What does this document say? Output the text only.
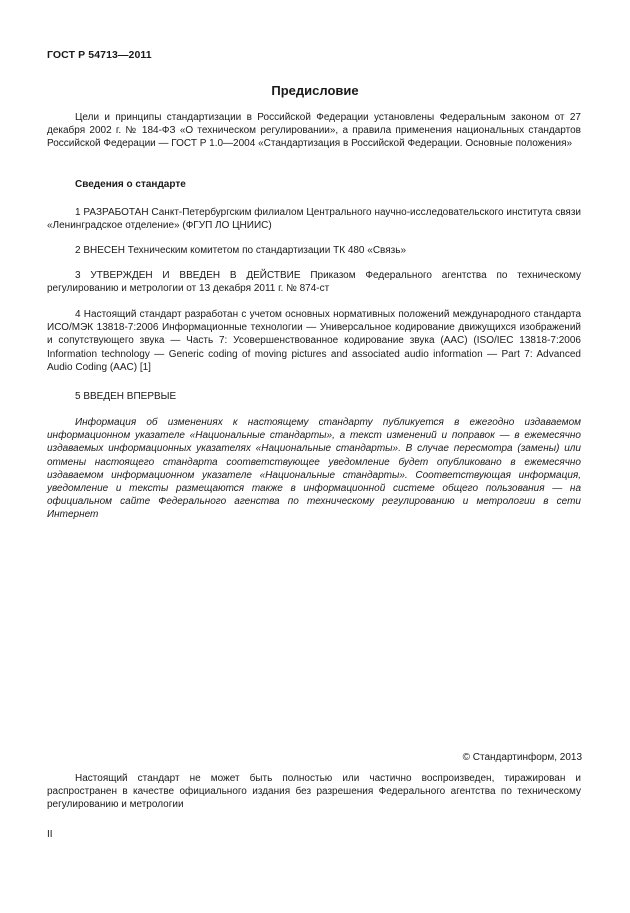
ГОСТ Р 54713—2011
Предисловие

Цели и принципы стандартизации в Российской Федерации установлены Федеральным законом от 27 декабря 2002 г. № 184-ФЗ «О техническом регулировании», а правила применения национальных стандартов Российской Федерации — ГОСТ Р 1.0—2004 «Стандартизация в Российской Федерации. Основные положения»

Сведения о стандарте

1 РАЗРАБОТАН Санкт-Петербургским филиалом Центрального научно-исследовательского института связи «Ленинградское отделение» (ФГУП ЛО ЦНИИС)

2 ВНЕСЕН Техническим комитетом по стандартизации ТК 480 «Связь»

3 УТВЕРЖДЕН И ВВЕДЕН В ДЕЙСТВИЕ Приказом Федерального агентства по техническому регулированию и метрологии от 13 декабря 2011 г. № 874-ст

4 Настоящий стандарт разработан с учетом основных нормативных положений международного стандарта ИСО/МЭК 13818-7:2006 Информационные технологии — Универсальное кодирование движущихся изображений и сопутствующего звука — Часть 7: Усовершенствованное кодирование звука (AAC) (ISO/IEC 13818-7:2006 Information technology — Generic coding of moving pictures and associated audio information — Part 7: Advanced Audio Coding (AAC) [1]

5 ВВЕДЕН ВПЕРВЫЕ

Информация об изменениях к настоящему стандарту публикуется в ежегодно издаваемом информационном указателе «Национальные стандарты», а текст изменений и поправок — в ежемесячно издаваемых информационных указателях «Национальные стандарты». В случае пересмотра (замены) или отмены настоящего стандарта соответствующее уведомление будет опубликовано в ежемесячно издаваемом информационном указателе «Национальные стандарты». Соответствующая информация, уведомление и тексты размещаются также в информационной системе общего пользования — на официальном сайте Федерального агенства по техническому регулированию и метрологии в сети Интернет

© Стандартинформ, 2013

Настоящий стандарт не может быть полностью или частично воспроизведен, тиражирован и распространен в качестве официального издания без разрешения Федерального агентства по техническому регулированию и метрологии

II
